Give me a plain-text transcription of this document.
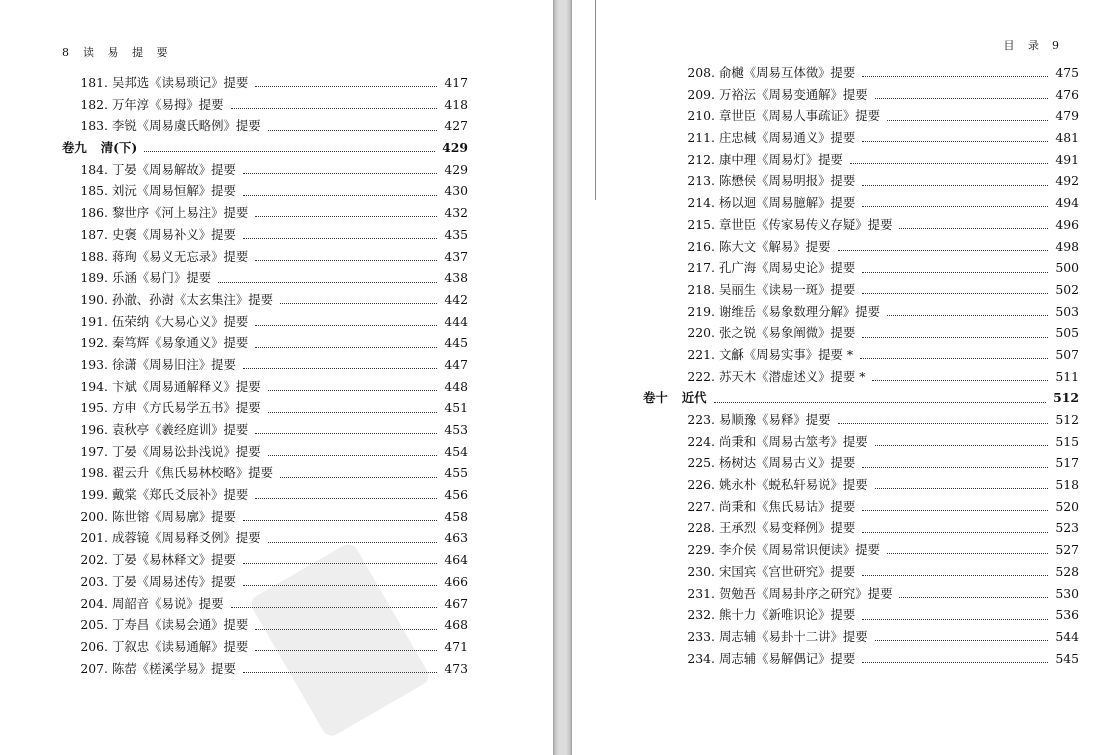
8 读 易 提 要
181. 吴邦选《读易琐记》提要	417
182. 万年淳《易拇》提要	418
183. 李锐《周易虞氏略例》提要	427
卷九	清(下)	429
184. 丁晏《周易解故》提要	429
185. 刘沅《周易恒解》提要	430
186. 黎世序《河上易注》提要	432
187. 史褒《周易补义》提要	435
188. 蒋珣《易义无忘录》提要	437
189. 乐涵《易门》提要	438
190. 孙澈、孙澍《太玄集注》提要	442
191. 伍荣纳《大易心义》提要	444
192. 秦笃辉《易象通义》提要	445
193. 徐潇《周易旧注》提要	447
194. 卞斌《周易通解释义》提要	448
195. 方申《方氏易学五书》提要	451
196. 袁秋亭《羲经庭训》提要	453
197. 丁晏《周易讼卦浅说》提要	454
198. 翟云升《焦氏易林校略》提要	455
199. 戴棠《郑氏爻辰补》提要	456
200. 陈世镕《周易廓》提要	458
201. 成蓉镜《周易释爻例》提要	463
202. 丁晏《易林释文》提要	464
203. 丁晏《周易述传》提要	466
204. 周韶音《易说》提要	467
205. 丁寿昌《读易会通》提要	468
206. 丁叙忠《读易通解》提要	471
207. 陈䓨《槎溪学易》提要	473
目 录 9
208. 俞樾《周易互体徵》提要	475
209. 万裕沄《周易变通解》提要	476
210. 章世臣《周易人事疏证》提要	479
211. 庄忠棫《周易通义》提要	481
212. 康中理《周易灯》提要	491
213. 陈懋侯《周易明报》提要	492
214. 杨以迴《周易臆解》提要	494
215. 章世臣《传家易传义存疑》提要	496
216. 陈大文《解易》提要	498
217. 孔广海《周易史论》提要	500
218. 吴丽生《读易一斑》提要	502
219. 谢维岳《易象数理分解》提要	503
220. 张之锐《易象阐微》提要	505
221. 文龢《周易实事》提要 *	507
222. 苏天木《潜虚述义》提要 *	511
卷十	近代	512
223. 易顺豫《易释》提要	512
224. 尚秉和《周易古筮考》提要	515
225. 杨树达《周易古义》提要	517
226. 姚永朴《蜕私轩易说》提要	518
227. 尚秉和《焦氏易诂》提要	520
228. 王承烈《易变释例》提要	523
229. 李介侯《周易常识便读》提要	527
230. 宋国宾《宫世研究》提要	528
231. 贺勉吾《周易卦序之研究》提要	530
232. 熊十力《新唯识论》提要	536
233. 周志辅《易卦十二讲》提要	544
234. 周志辅《易解偶记》提要	545
